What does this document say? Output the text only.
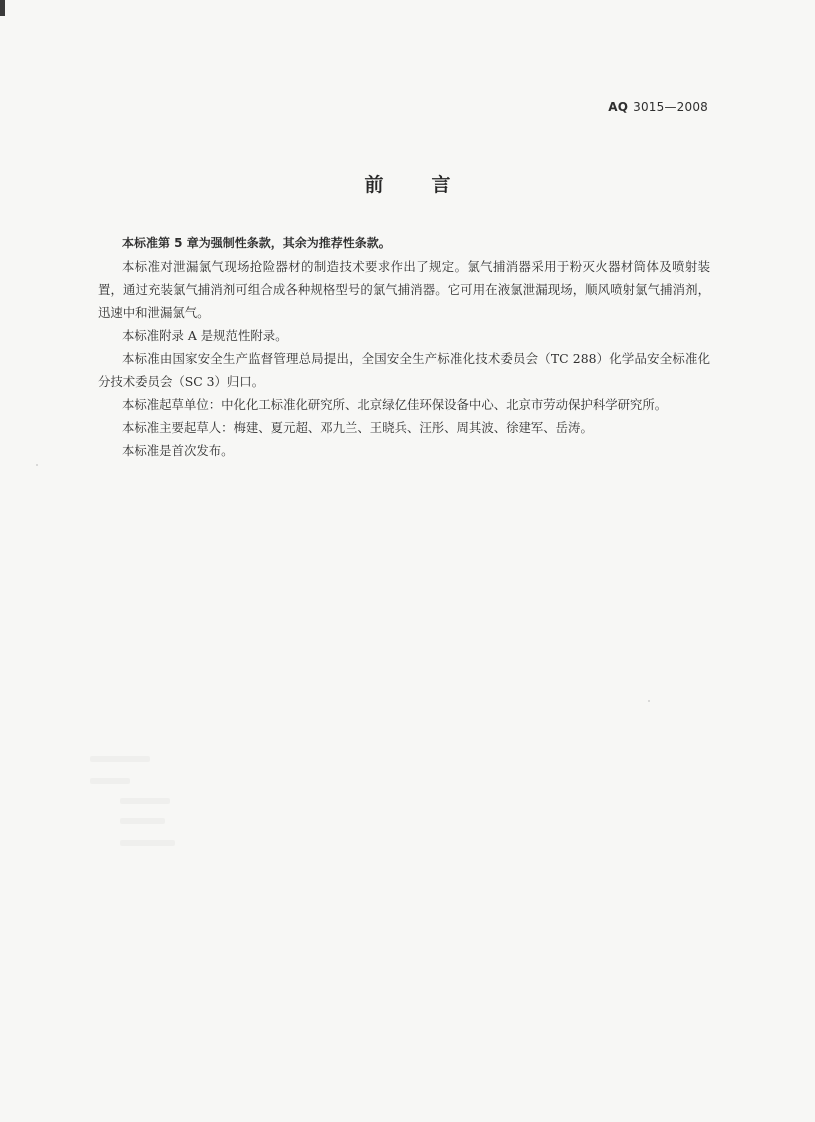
AQ 3015—2008
前言

本标准第 5 章为强制性条款，其余为推荐性条款。

本标准对泄漏氯气现场抢险器材的制造技术要求作出了规定。氯气捕消器采用于粉灭火器材筒体及喷射装置，通过充装氯气捕消剂可组合成各种规格型号的氯气捕消器。它可用在液氯泄漏现场，顺风喷射氯气捕消剂，迅速中和泄漏氯气。

本标准附录 A 是规范性附录。

本标准由国家安全生产监督管理总局提出，全国安全生产标准化技术委员会（TC 288）化学品安全标准化分技术委员会（SC 3）归口。

本标准起草单位：中化化工标准化研究所、北京绿亿佳环保设备中心、北京市劳动保护科学研究所。

本标准主要起草人：梅建、夏元超、邓九兰、王晓兵、汪彤、周其波、徐建军、岳涛。

本标准是首次发布。
